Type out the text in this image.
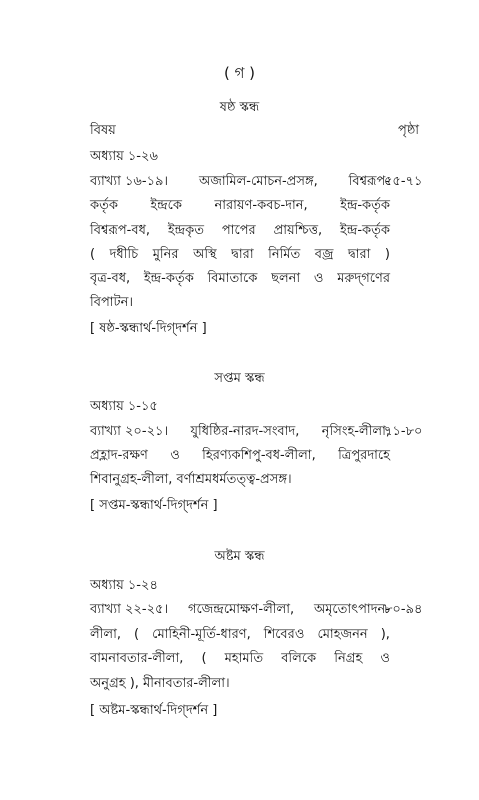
( গ )
ষষ্ঠ স্কন্ধ
বিষয়	পৃষ্ঠা
অধ্যায় ১-২৬
ব্যাখ্যা ১৬-১৯। অজামিল-মোচন-প্রসঙ্গ, বিশ্বরূপ-
৫৫-৭১
কর্তৃক ইন্দ্রকে নারায়ণ-কবচ-দান, ইন্দ্র-কর্তৃক
বিশ্বরূপ-বধ, ইন্দ্রকৃত পাপের প্রায়শ্চিত্ত, ইন্দ্র-কর্তৃক
( দধীচি মুনির অস্থি দ্বারা নির্মিত বজ্র দ্বারা )
বৃত্র-বধ, ইন্দ্র-কর্তৃক বিমাতাকে ছলনা ও মরুদ্‌গণের
বিপাটন।
[ ষষ্ঠ-স্কন্ধার্থ-দিগ্‌দর্শন ]
সপ্তম স্কন্ধ
অধ্যায় ১-১৫
ব্যাখ্যা ২০-২১। যুধিষ্ঠির-নারদ-সংবাদ, নৃসিংহ-লীলা,
৭১-৮০
প্রহ্লাদ-রক্ষণ ও হিরণ্যকশিপু-বধ-লীলা, ত্রিপুরদাহে
শিবানুগ্রহ-লীলা, বর্ণাশ্রমধর্মতত্ত্ব-প্রসঙ্গ।
[ সপ্তম-স্কন্ধার্থ-দিগ্‌দর্শন ]
অষ্টম স্কন্ধ
অধ্যায় ১-২৪
ব্যাখ্যা ২২-২৫। গজেন্দ্রমোক্ষণ-লীলা, অমৃতোৎপাদন-
৮০-৯৪
লীলা, ( মোহিনী-মূর্তি-ধারণ, শিবেরও মোহজনন ),
বামনাবতার-লীলা, ( মহামতি বলিকে নিগ্রহ ও
অনুগ্রহ ), মীনাবতার-লীলা।
[ অষ্টম-স্কন্ধার্থ-দিগ্‌দর্শন ]
